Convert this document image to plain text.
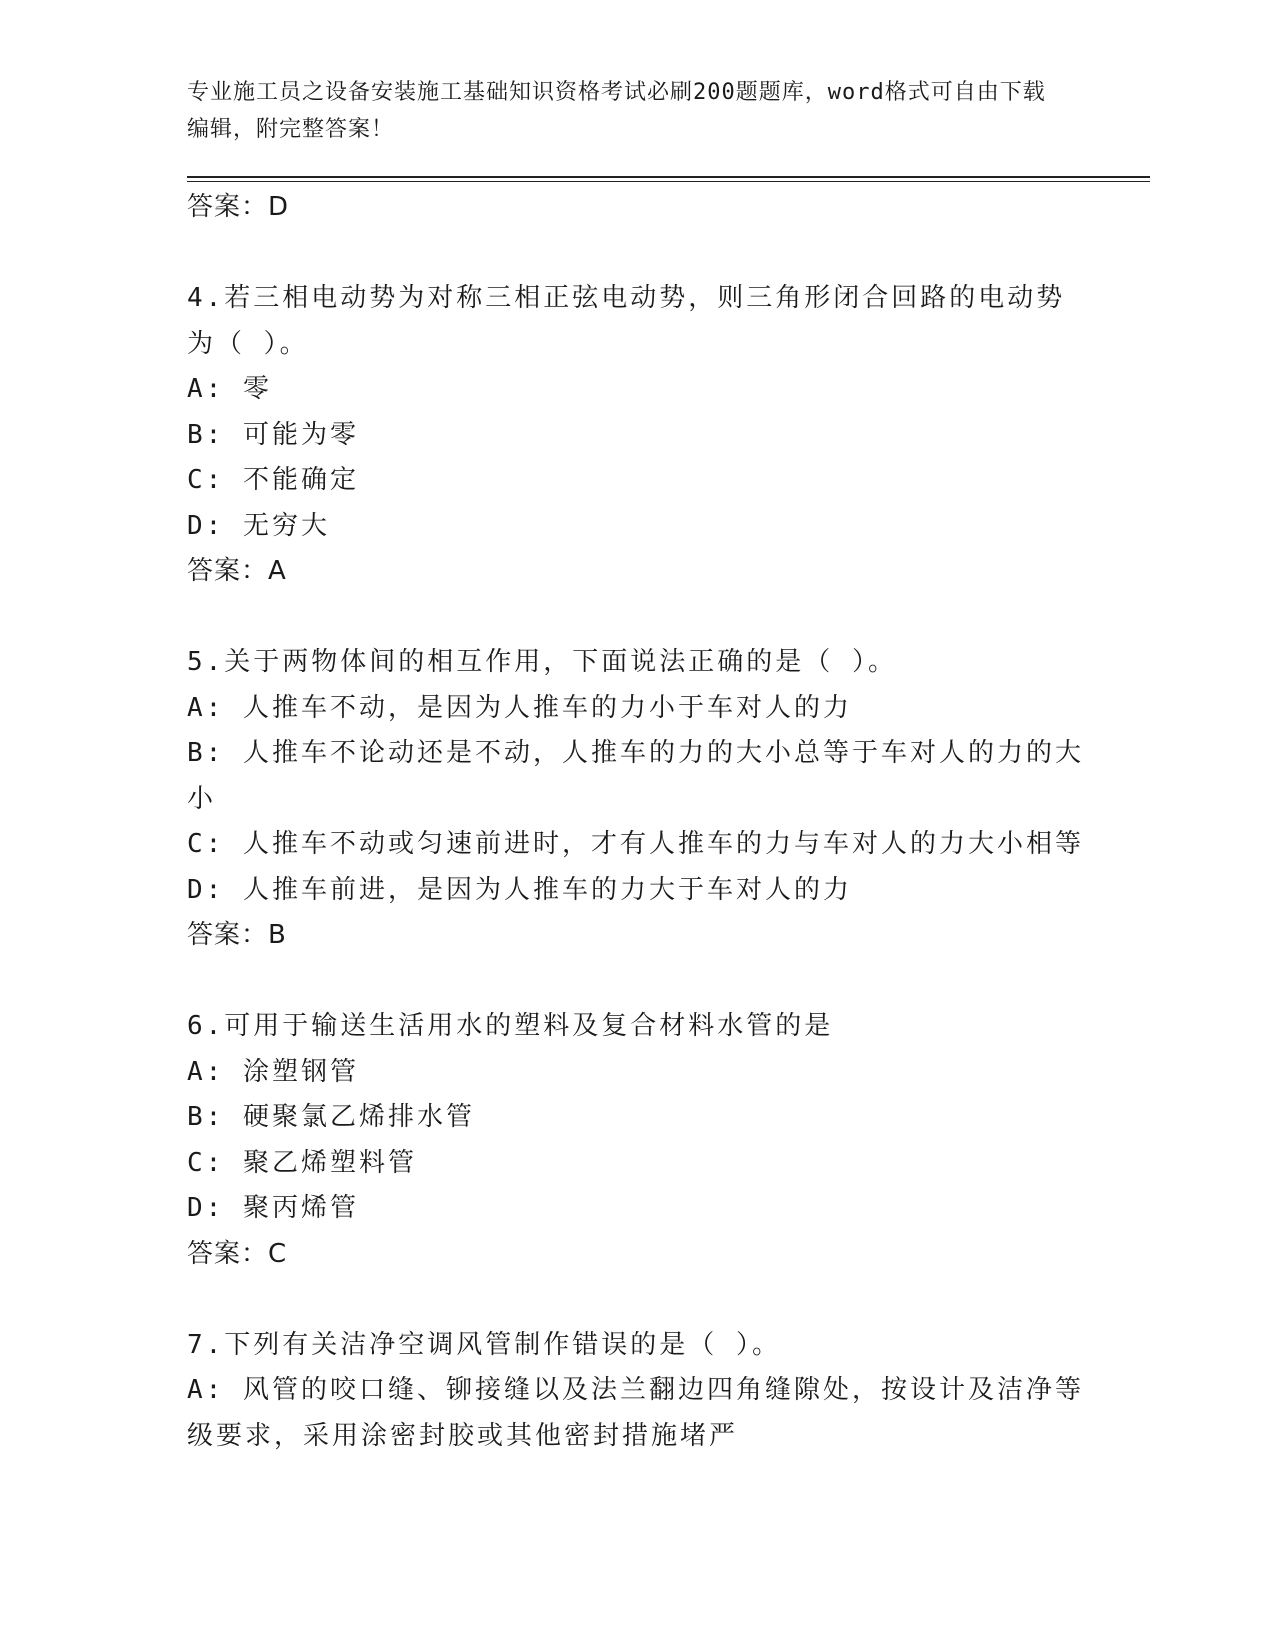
专业施工员之设备安装施工基础知识资格考试必刷200题题库，word格式可自由下载编辑，附完整答案！
答案：D
4.若三相电动势为对称三相正弦电动势，则三角形闭合回路的电动势
为（ ）。
A: 零
B: 可能为零
C: 不能确定
D: 无穷大
答案：A
5.关于两物体间的相互作用，下面说法正确的是（ ）。
A: 人推车不动，是因为人推车的力小于车对人的力
B: 人推车不论动还是不动，人推车的力的大小总等于车对人的力的大
小
C: 人推车不动或匀速前进时，才有人推车的力与车对人的力大小相等
D: 人推车前进，是因为人推车的力大于车对人的力
答案：B
6.可用于输送生活用水的塑料及复合材料水管的是
A: 涂塑钢管
B: 硬聚氯乙烯排水管
C: 聚乙烯塑料管
D: 聚丙烯管
答案：C
7.下列有关洁净空调风管制作错误的是（ ）。
A: 风管的咬口缝、铆接缝以及法兰翻边四角缝隙处，按设计及洁净等
级要求，采用涂密封胶或其他密封措施堵严
